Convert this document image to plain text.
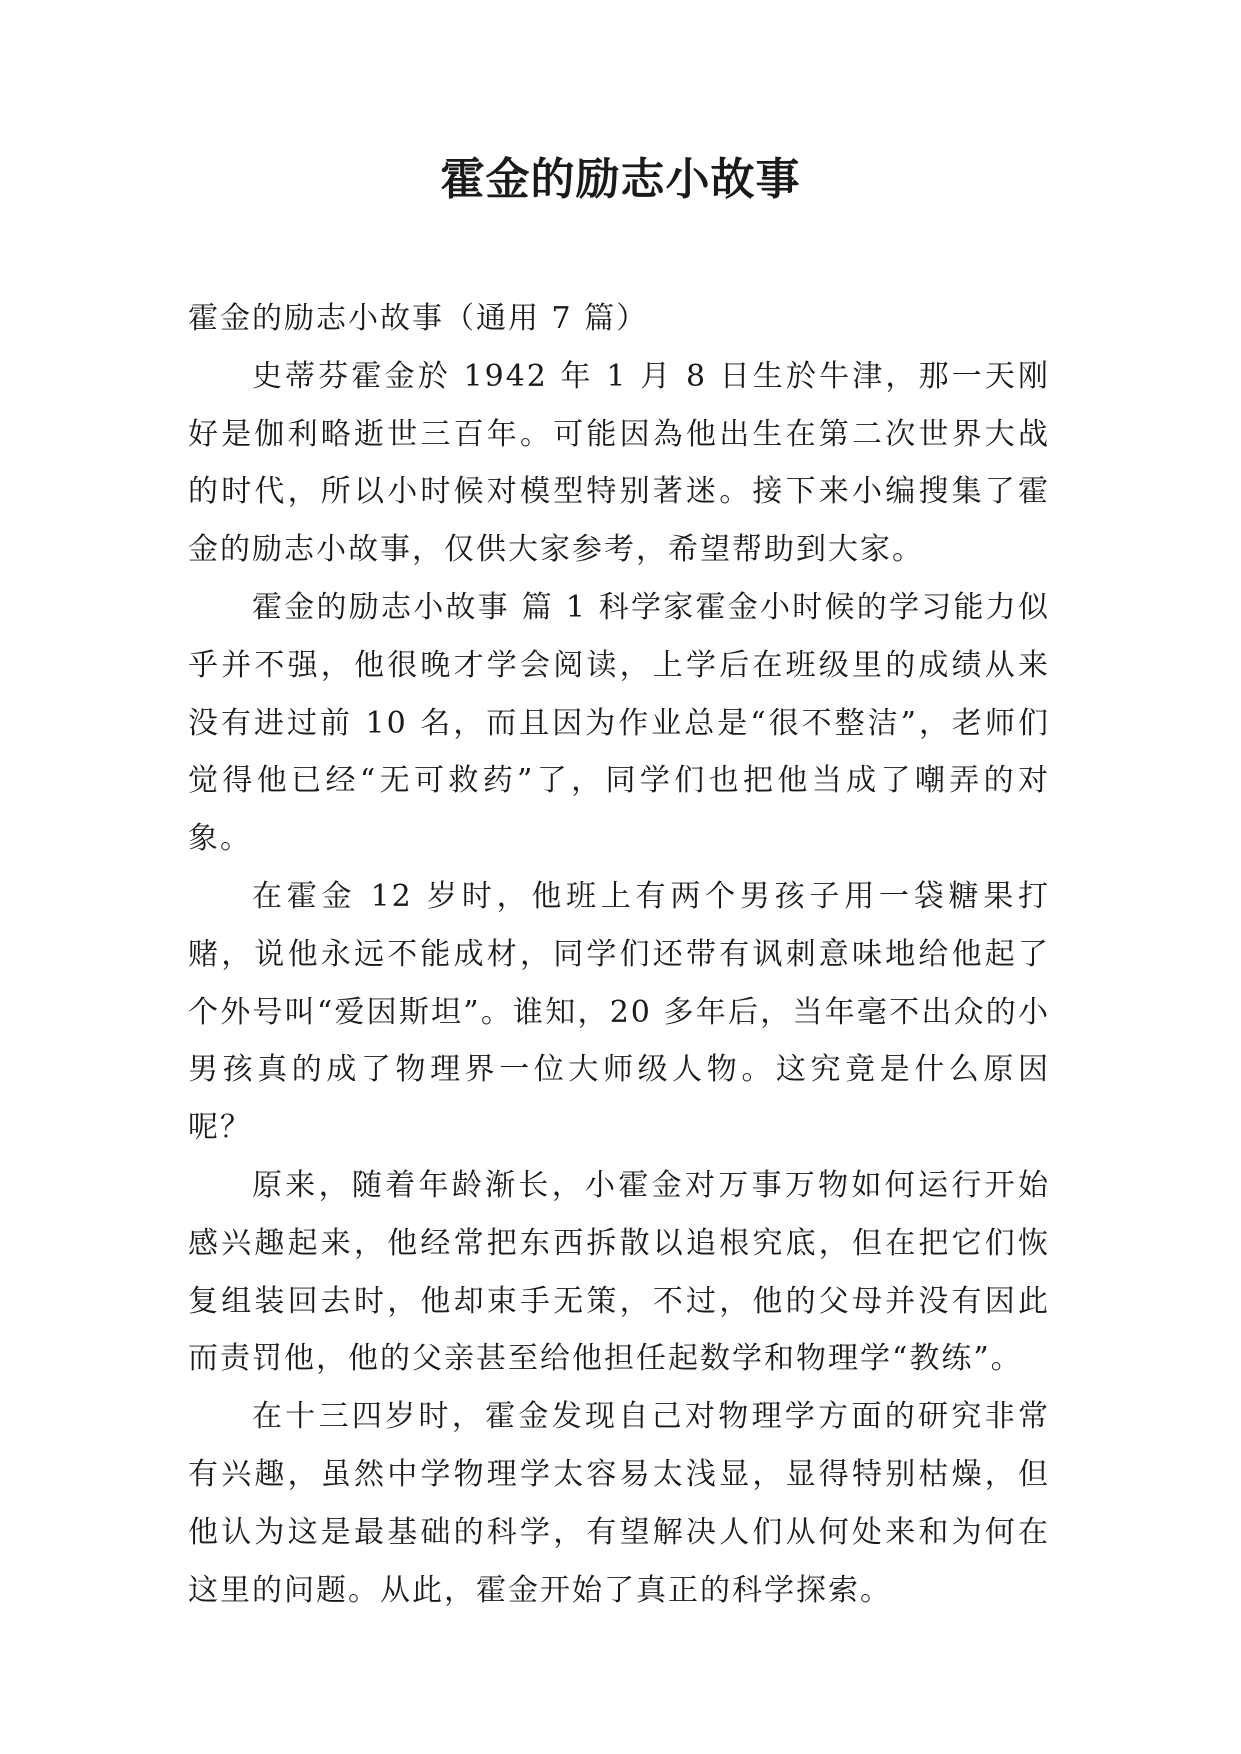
霍金的励志小故事

霍金的励志小故事（通用 7 篇）

史蒂芬霍金於 1942 年 1 月 8 日生於牛津，那一天刚好是伽利略逝世三百年。可能因為他出生在第二次世界大战的时代，所以小时候对模型特别著迷。接下来小编搜集了霍金的励志小故事，仅供大家参考，希望帮助到大家。

霍金的励志小故事 篇 1 科学家霍金小时候的学习能力似乎并不强，他很晚才学会阅读，上学后在班级里的成绩从来没有进过前 10 名，而且因为作业总是“很不整洁”，老师们觉得他已经“无可救药”了，同学们也把他当成了嘲弄的对象。

在霍金 12 岁时，他班上有两个男孩子用一袋糖果打赌，说他永远不能成材，同学们还带有讽刺意味地给他起了个外号叫“爱因斯坦”。谁知，20 多年后，当年毫不出众的小男孩真的成了物理界一位大师级人物。这究竟是什么原因呢？

原来，随着年龄渐长，小霍金对万事万物如何运行开始感兴趣起来，他经常把东西拆散以追根究底，但在把它们恢复组装回去时，他却束手无策，不过，他的父母并没有因此而责罚他，他的父亲甚至给他担任起数学和物理学“教练”。

在十三四岁时，霍金发现自己对物理学方面的研究非常有兴趣，虽然中学物理学太容易太浅显，显得特别枯燥，但他认为这是最基础的科学，有望解决人们从何处来和为何在这里的问题。从此，霍金开始了真正的科学探索。
